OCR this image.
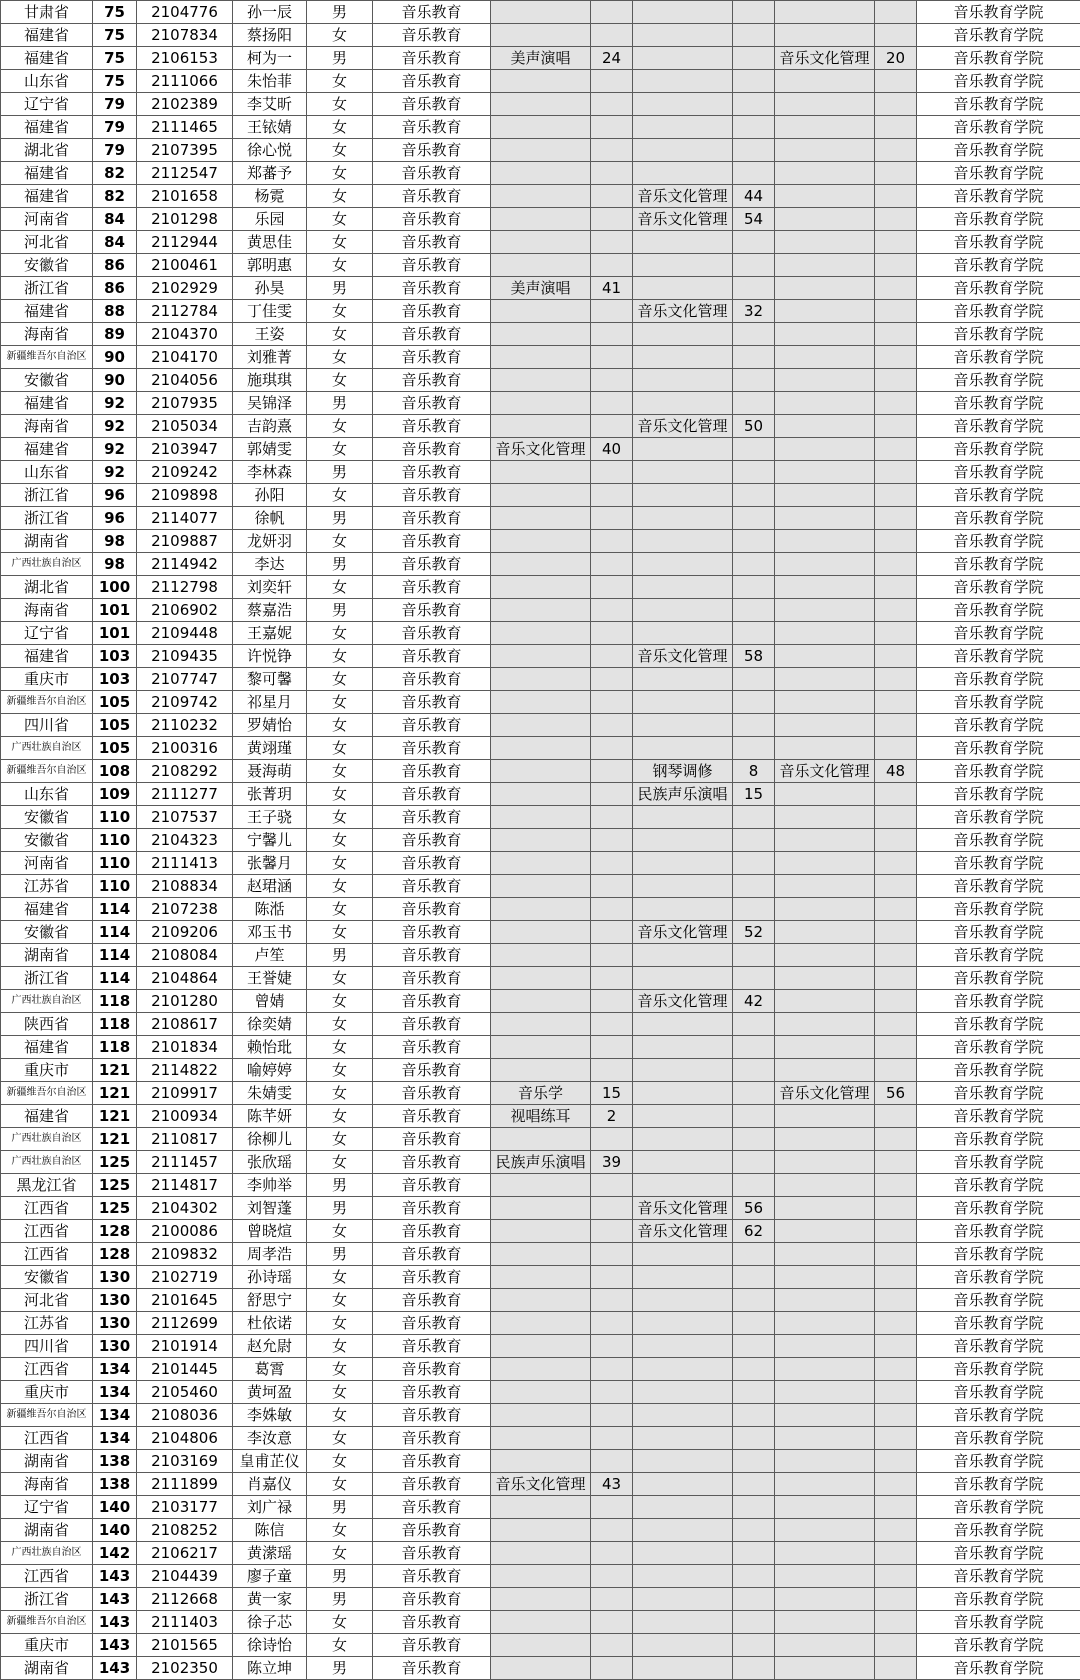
甘肃省	75	2104776	孙一辰	男	音乐教育							音乐教育学院
福建省	75	2107834	蔡扬阳	女	音乐教育							音乐教育学院
福建省	75	2106153	柯为一	男	音乐教育	美声演唱	24			音乐文化管理	20	音乐教育学院
山东省	75	2111066	朱怡菲	女	音乐教育							音乐教育学院
辽宁省	79	2102389	李艾昕	女	音乐教育							音乐教育学院
福建省	79	2111465	王铱婧	女	音乐教育							音乐教育学院
湖北省	79	2107395	徐心悦	女	音乐教育							音乐教育学院
福建省	82	2112547	郑蕃予	女	音乐教育							音乐教育学院
福建省	82	2101658	杨霓	女	音乐教育			音乐文化管理	44			音乐教育学院
河南省	84	2101298	乐园	女	音乐教育			音乐文化管理	54			音乐教育学院
河北省	84	2112944	黄思佳	女	音乐教育							音乐教育学院
安徽省	86	2100461	郭明惠	女	音乐教育							音乐教育学院
浙江省	86	2102929	孙昊	男	音乐教育	美声演唱	41					音乐教育学院
福建省	88	2112784	丁佳雯	女	音乐教育			音乐文化管理	32			音乐教育学院
海南省	89	2104370	王姿	女	音乐教育							音乐教育学院
新疆维吾尔自治区	90	2104170	刘雅菁	女	音乐教育							音乐教育学院
安徽省	90	2104056	施琪琪	女	音乐教育							音乐教育学院
福建省	92	2107935	吴锦泽	男	音乐教育							音乐教育学院
海南省	92	2105034	吉韵熹	女	音乐教育			音乐文化管理	50			音乐教育学院
福建省	92	2103947	郭婧雯	女	音乐教育	音乐文化管理	40					音乐教育学院
山东省	92	2109242	李林森	男	音乐教育							音乐教育学院
浙江省	96	2109898	孙阳	女	音乐教育							音乐教育学院
浙江省	96	2114077	徐帆	男	音乐教育							音乐教育学院
湖南省	98	2109887	龙妍羽	女	音乐教育							音乐教育学院
广西壮族自治区	98	2114942	李达	男	音乐教育							音乐教育学院
湖北省	100	2112798	刘奕轩	女	音乐教育							音乐教育学院
海南省	101	2106902	蔡嘉浩	男	音乐教育							音乐教育学院
辽宁省	101	2109448	王嘉妮	女	音乐教育							音乐教育学院
福建省	103	2109435	许悦铮	女	音乐教育			音乐文化管理	58			音乐教育学院
重庆市	103	2107747	黎可馨	女	音乐教育							音乐教育学院
新疆维吾尔自治区	105	2109742	祁星月	女	音乐教育							音乐教育学院
四川省	105	2110232	罗婧怡	女	音乐教育							音乐教育学院
广西壮族自治区	105	2100316	黄翊瑾	女	音乐教育							音乐教育学院
新疆维吾尔自治区	108	2108292	聂海萌	女	音乐教育			钢琴调修	8	音乐文化管理	48	音乐教育学院
山东省	109	2111277	张菁玥	女	音乐教育			民族声乐演唱	15			音乐教育学院
安徽省	110	2107537	王子骁	女	音乐教育							音乐教育学院
安徽省	110	2104323	宁馨儿	女	音乐教育							音乐教育学院
河南省	110	2111413	张馨月	女	音乐教育							音乐教育学院
江苏省	110	2108834	赵珺涵	女	音乐教育							音乐教育学院
福建省	114	2107238	陈湉	女	音乐教育							音乐教育学院
安徽省	114	2109206	邓玉书	女	音乐教育			音乐文化管理	52			音乐教育学院
湖南省	114	2108084	卢笙	男	音乐教育							音乐教育学院
浙江省	114	2104864	王誉婕	女	音乐教育							音乐教育学院
广西壮族自治区	118	2101280	曾婧	女	音乐教育			音乐文化管理	42			音乐教育学院
陕西省	118	2108617	徐奕婧	女	音乐教育							音乐教育学院
福建省	118	2101834	赖怡玭	女	音乐教育							音乐教育学院
重庆市	121	2114822	喻婷婷	女	音乐教育							音乐教育学院
新疆维吾尔自治区	121	2109917	朱婧雯	女	音乐教育	音乐学	15			音乐文化管理	56	音乐教育学院
福建省	121	2100934	陈芊妍	女	音乐教育	视唱练耳	2					音乐教育学院
广西壮族自治区	121	2110817	徐柳儿	女	音乐教育							音乐教育学院
广西壮族自治区	125	2111457	张欣瑶	女	音乐教育	民族声乐演唱	39					音乐教育学院
黑龙江省	125	2114817	李帅举	男	音乐教育							音乐教育学院
江西省	125	2104302	刘智蓬	男	音乐教育			音乐文化管理	56			音乐教育学院
江西省	128	2100086	曾晓煊	女	音乐教育			音乐文化管理	62			音乐教育学院
江西省	128	2109832	周孝浩	男	音乐教育							音乐教育学院
安徽省	130	2102719	孙诗瑶	女	音乐教育							音乐教育学院
河北省	130	2101645	舒思宁	女	音乐教育							音乐教育学院
江苏省	130	2112699	杜依诺	女	音乐教育							音乐教育学院
四川省	130	2101914	赵允尉	女	音乐教育							音乐教育学院
江西省	134	2101445	葛霄	女	音乐教育							音乐教育学院
重庆市	134	2105460	黄坷盈	女	音乐教育							音乐教育学院
新疆维吾尔自治区	134	2108036	李姝敏	女	音乐教育							音乐教育学院
江西省	134	2104806	李汝意	女	音乐教育							音乐教育学院
湖南省	138	2103169	皇甫芷仪	女	音乐教育							音乐教育学院
海南省	138	2111899	肖嘉仪	女	音乐教育	音乐文化管理	43					音乐教育学院
辽宁省	140	2103177	刘广禄	男	音乐教育							音乐教育学院
湖南省	140	2108252	陈信	女	音乐教育							音乐教育学院
广西壮族自治区	142	2106217	黄潆瑶	女	音乐教育							音乐教育学院
江西省	143	2104439	廖子童	男	音乐教育							音乐教育学院
浙江省	143	2112668	黄一家	男	音乐教育							音乐教育学院
新疆维吾尔自治区	143	2111403	徐子芯	女	音乐教育							音乐教育学院
重庆市	143	2101565	徐诗怡	女	音乐教育							音乐教育学院
湖南省	143	2102350	陈立坤	男	音乐教育							音乐教育学院
